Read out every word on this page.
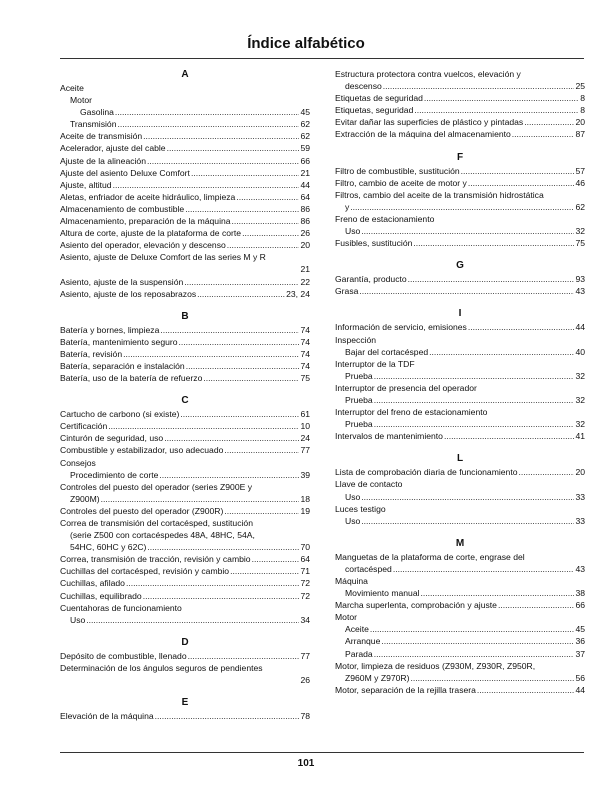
Índice alfabético
A
Aceite
Motor
Gasolina . . .	45
Transmisión . . .	62
Aceite de transmisión . . .	62
Acelerador, ajuste del cable . . .	59
Ajuste de la alineación . . .	66
Ajuste del asiento Deluxe Comfort . . .	21
Ajuste, altitud . . .	44
Aletas, enfriador de aceite hidráulico, limpieza . . .	64
Almacenamiento de combustible . . .	86
Almacenamiento, preparación de la máquina . . .	86
Altura de corte, ajuste de la plataforma de corte . . .	26
Asiento del operador, elevación y descenso . . .	20
Asiento, ajuste de Deluxe Comfort de las series M y R
21
Asiento, ajuste de la suspensión . . .	22
Asiento, ajuste de los reposabrazos . . .	23, 24
B
Batería y bornes, limpieza . . .	74
Batería, mantenimiento seguro . . .	74
Batería, revisión . . .	74
Batería, separación e instalación . . .	74
Batería, uso de la batería de refuerzo . . .	75
C
Cartucho de carbono (si existe) . . .	61
Certificación . . .	10
Cinturón de seguridad, uso . . .	24
Combustible y estabilizador, uso adecuado . . .	77
Consejos
Procedimiento de corte . . .	39
Controles del puesto del operador (series Z900E y
Z900M) . . .	18
Controles del puesto del operador (Z900R) . . .	19
Correa de transmisión del cortacésped, sustitución
(serie Z500 con cortacéspedes 48A, 48HC, 54A,
54HC, 60HC y 62C) . . .	70
Correa, transmisión de tracción, revisión y cambio . . .	64
Cuchillas del cortacésped, revisión y cambio . . .	71
Cuchillas, afilado . . .	72
Cuchillas, equilibrado . . .	72
Cuentahoras de funcionamiento
Uso . . .	34
D
Depósito de combustible, llenado . . .	77
Determinación de los ángulos seguros de pendientes
26
E
Elevación de la máquina . . .	78
Estructura protectora contra vuelcos, elevación y
descenso . . .	25
Etiquetas de seguridad . . .	8
Etiquetas, seguridad . . .	8
Evitar dañar las superficies de plástico y pintadas . . .	20
Extracción de la máquina del almacenamiento . . .	87
F
Filtro de combustible, sustitución . . .	57
Filtro, cambio de aceite de motor y . . .	46
Filtros, cambio del aceite de la transmisión hidrostática
y . . .	62
Freno de estacionamiento
Uso . . .	32
Fusibles, sustitución . . .	75
G
Garantía, producto . . .	93
Grasa . . .	43
I
Información de servicio, emisiones . . .	44
Inspección
Bajar del cortacésped . . .	40
Interruptor de la TDF
Prueba . . .	32
Interruptor de presencia del operador
Prueba . . .	32
Interruptor del freno de estacionamiento
Prueba . . .	32
Intervalos de mantenimiento . . .	41
L
Lista de comprobación diaria de funcionamiento . . .	20
Llave de contacto
Uso . . .	33
Luces testigo
Uso . . .	33
M
Manguetas de la plataforma de corte, engrase del
cortacésped . . .	43
Máquina
Movimiento manual . . .	38
Marcha superlenta, comprobación y ajuste . . .	66
Motor
Aceite . . .	45
Arranque . . .	36
Parada . . .	37
Motor, limpieza de residuos (Z930M, Z930R, Z950R,
Z960M y Z970R) . . .	56
Motor, separación de la rejilla trasera . . .	44
101
